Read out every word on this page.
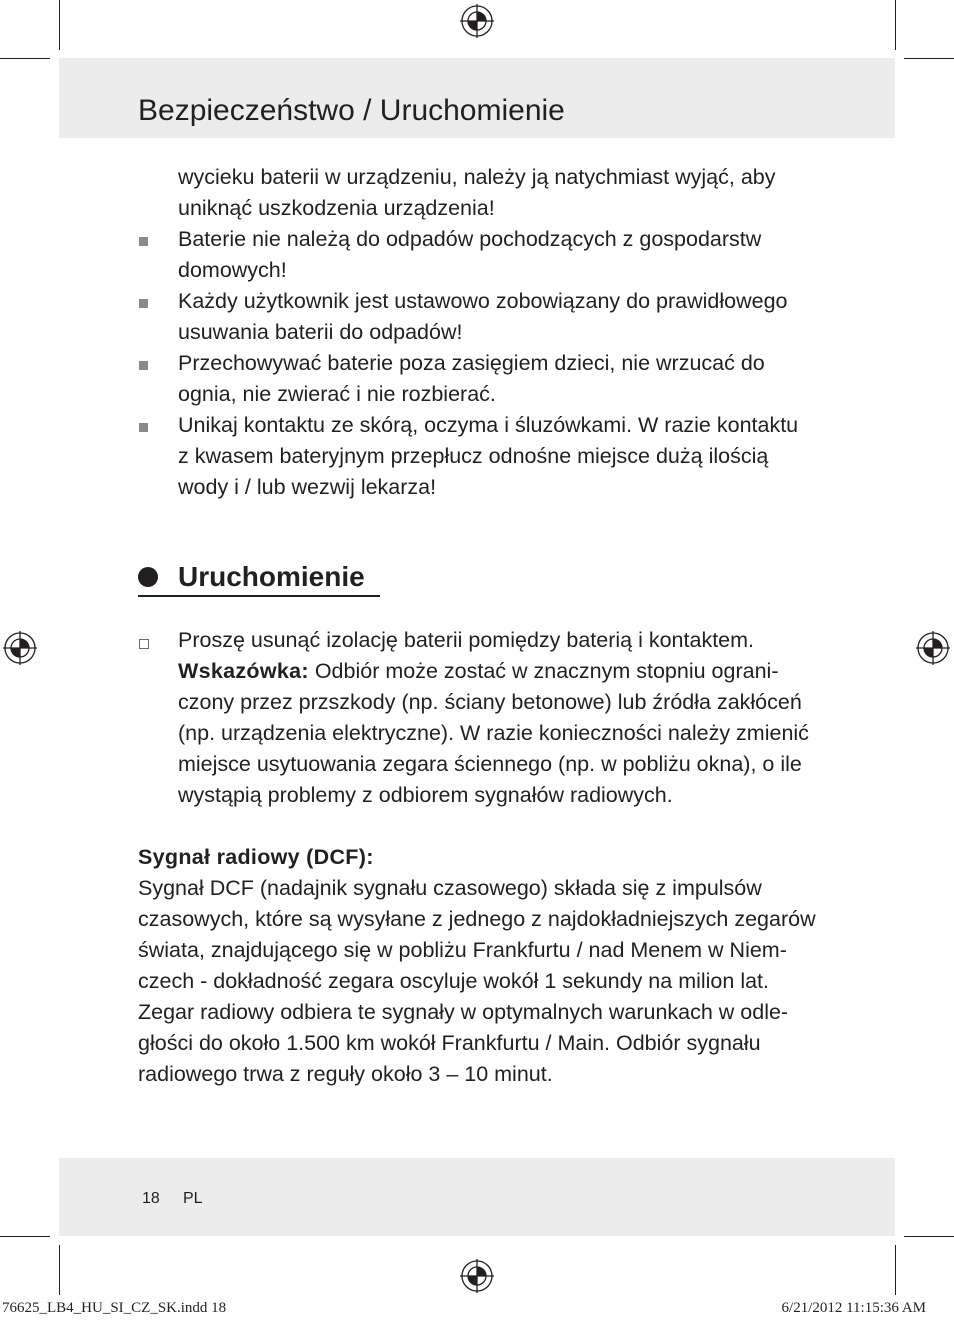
Bezpieczeństwo / Uruchomienie
wycieku baterii w urządzeniu, należy ją natychmiast wyjąć, aby
uniknąć uszkodzenia urządzenia!
Baterie nie należą do odpadów pochodzących z gospodarstw
domowych!
Każdy użytkownik jest ustawowo zobowiązany do prawidłowego
usuwania baterii do odpadów!
Przechowywać baterie poza zasięgiem dzieci, nie wrzucać do
ognia, nie zwierać i nie rozbierać.
Unikaj kontaktu ze skórą, oczyma i śluzówkami. W razie kontaktu
z kwasem bateryjnym przepłucz odnośne miejsce dużą ilością
wody i / lub wezwij lekarza!
Uruchomienie
Proszę usunąć izolację baterii pomiędzy baterią i kontaktem.
Wskazówka: Odbiór może zostać w znacznym stopniu ograni-
czony przez przszkody (np. ściany betonowe) lub źródła zakłóceń
(np. urządzenia elektryczne). W razie konieczności należy zmienić
miejsce usytuowania zegara ściennego (np. w pobliżu okna), o ile
wystąpią problemy z odbiorem sygnałów radiowych.
Sygnał radiowy (DCF):
Sygnał DCF (nadajnik sygnału czasowego) składa się z impulsów
czasowych, które są wysyłane z jednego z najdokładniejszych zegarów
świata, znajdującego się w pobliżu Frankfurtu / nad Menem w Niem-
czech - dokładność zegara oscyluje wokół 1 sekundy na milion lat.
Zegar radiowy odbiera te sygnały w optymalnych warunkach w odle-
głości do około 1.500 km wokół Frankfurtu / Main. Odbiór sygnału
radiowego trwa z reguły około 3 – 10 minut.
18 PL
76625_LB4_HU_SI_CZ_SK.indd 18	6/21/2012 11:15:36 AM
